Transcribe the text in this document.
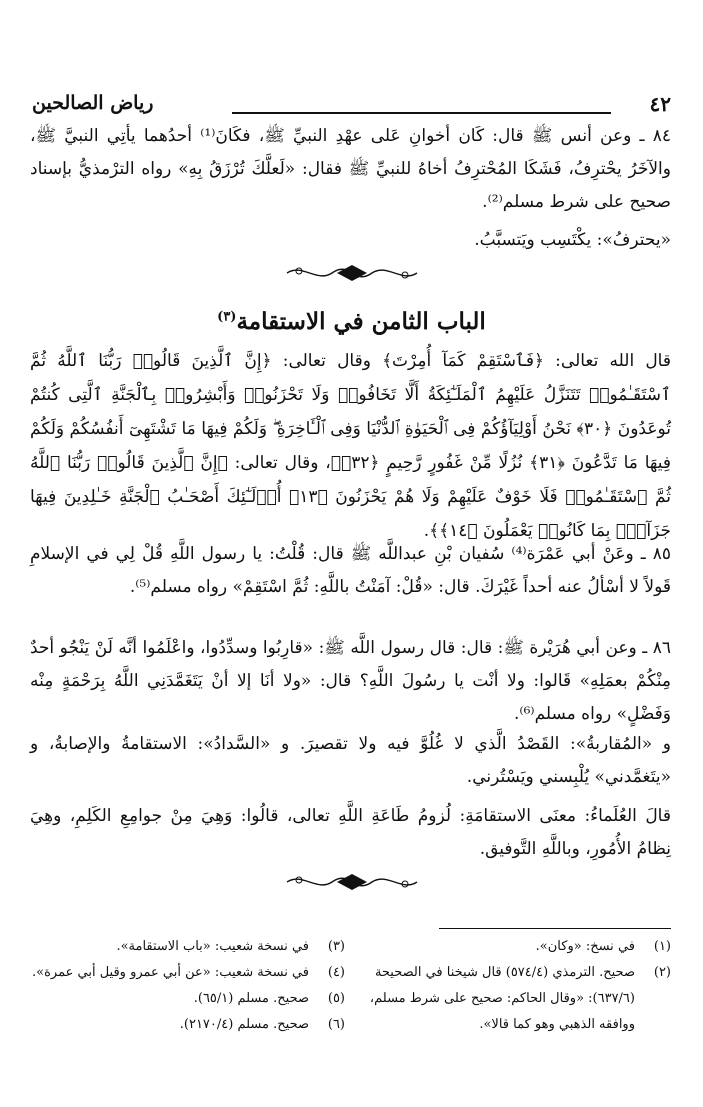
٤٢
رياض الصالحين

٨٤ ـ وعن أنس ﷺ قال: كَان أخوانِ عَلى عهْدِ النبيِّ ﷺ، فكَانَ⁽¹⁾ أحدُهما يأتِي النبيَّ ﷺ، والآخَرُ يحْترِفُ، فَشَكَا المُحْترِفُ أخاهُ للنبيِّ ﷺ فقال: «لَعلَّكَ تُرْزَقُ بِهِ» رواه الترْمذيُّ بإسناد صحيح على شرط مسلم⁽²⁾.

«يحترفُ»: يكْتَسِب ويَتسبَّبُ.

الباب الثامن في الاستقامة$^{(٣)}$

قال الله تعالى: ﴿فَٱسْتَقِمْ كَمَآ أُمِرْتَ﴾ وقال تعالى: ﴿إِنَّ ٱلَّذِينَ قَالُوا۟ رَبُّنَا ٱللَّهُ ثُمَّ ٱسْتَقَـٰمُوا۟ تَتَنَزَّلُ عَلَيْهِمُ ٱلْمَلَـٰٓئِكَةُ أَلَّا تَخَافُوا۟ وَلَا تَحْزَنُوا۟ وَأَبْشِرُوا۟ بِٱلْجَنَّةِ ٱلَّتِى كُنتُمْ تُوعَدُونَ ﴿٣٠﴾ نَحْنُ أَوْلِيَآؤُكُمْ فِى ٱلْحَيَوٰةِ ٱلدُّنْيَا وَفِى ٱلْـَٔاخِرَةِ ۖ وَلَكُمْ فِيهَا مَا تَشْتَهِىٓ أَنفُسُكُمْ وَلَكُمْ فِيهَا مَا تَدَّعُونَ ﴿٣١﴾ نُزُلًا مِّنْ غَفُورٍ رَّحِيمٍ ﴿٣٢﴾﴾، وقال تعالى: ﴿إِنَّ ٱلَّذِينَ قَالُوا۟ رَبُّنَا ٱللَّهُ ثُمَّ ٱسْتَقَـٰمُوا۟ فَلَا خَوْفٌ عَلَيْهِمْ وَلَا هُمْ يَحْزَنُونَ ﴿١٣﴾ أُو۟لَـٰٓئِكَ أَصْحَـٰبُ ٱلْجَنَّةِ خَـٰلِدِينَ فِيهَا جَزَآءًۢ بِمَا كَانُوا۟ يَعْمَلُونَ ﴿١٤﴾﴾.

٨٥ ـ وعَنْ أبي عَمْرَة⁽⁴⁾ سُفيان بْنِ عبداللَّه ﷺ قال: قُلْتُ: يا رسول اللَّهِ قُلْ لِي في الإسلامِ قَولاً لا أسْألُ عنه أحداً غَيْرَكَ. قال: «قُلْ: آمَنْتُ باللَّهِ: ثُمَّ اسْتَقِمْ» رواه مسلم⁽⁵⁾.

٨٦ ـ وعن أبي هُرَيْرة ﷺ: قال: قال رسول اللَّه ﷺ: «قارِبُوا وسدِّدُوا، واعْلَمُوا أنَّه لَنْ يَنْجُو أحدٌ مِنْكُمْ بعمَلِهِ» قَالوا: ولا أنْت يا رسُولَ اللَّهِ؟ قال: «ولا أنَا إلا أنْ يَتَغَمَّدَنِي اللَّهُ بِرَحْمَةٍ مِنْه وَفَضْلٍ» رواه مسلم⁽⁶⁾.

و «المُقاربةُ»: القَصْدُ الَّذي لا غُلُوَّ فيه ولا تقصيرَ. و «السَّدادُ»: الاستقامةُ والإصابةُ، و «يتَغمَّدني» يُلْبِسني ويَسْتُرني.

قالَ العُلَماءُ: معنَى الاستقامَةِ: لُزومُ طَاعَةِ اللَّهِ تعالى، قالُوا: وَهِيَ مِنْ جوامِعِ الكَلِمِ، وهِيَ نِظامُ الأُمُورِ، وباللَّهِ التَّوفيق.

(١)
في نسخ: «وكان».
(٢)
صحيح. الترمذي (٥٧٤/٤) قال شيخنا في الصحيحة (٦٣٧/٦): «وقال الحاكم: صحيح على شرط مسلم، ووافقه الذهبي وهو كما قالا».
(٣)
في نسخة شعيب: «باب الاستقامة».
(٤)
في نسخة شعيب: «عن أبي عمرو وقيل أبي عمرة».
(٥)
صحيح. مسلم (٦٥/١).
(٦)
صحيح. مسلم (٢١٧٠/٤).
